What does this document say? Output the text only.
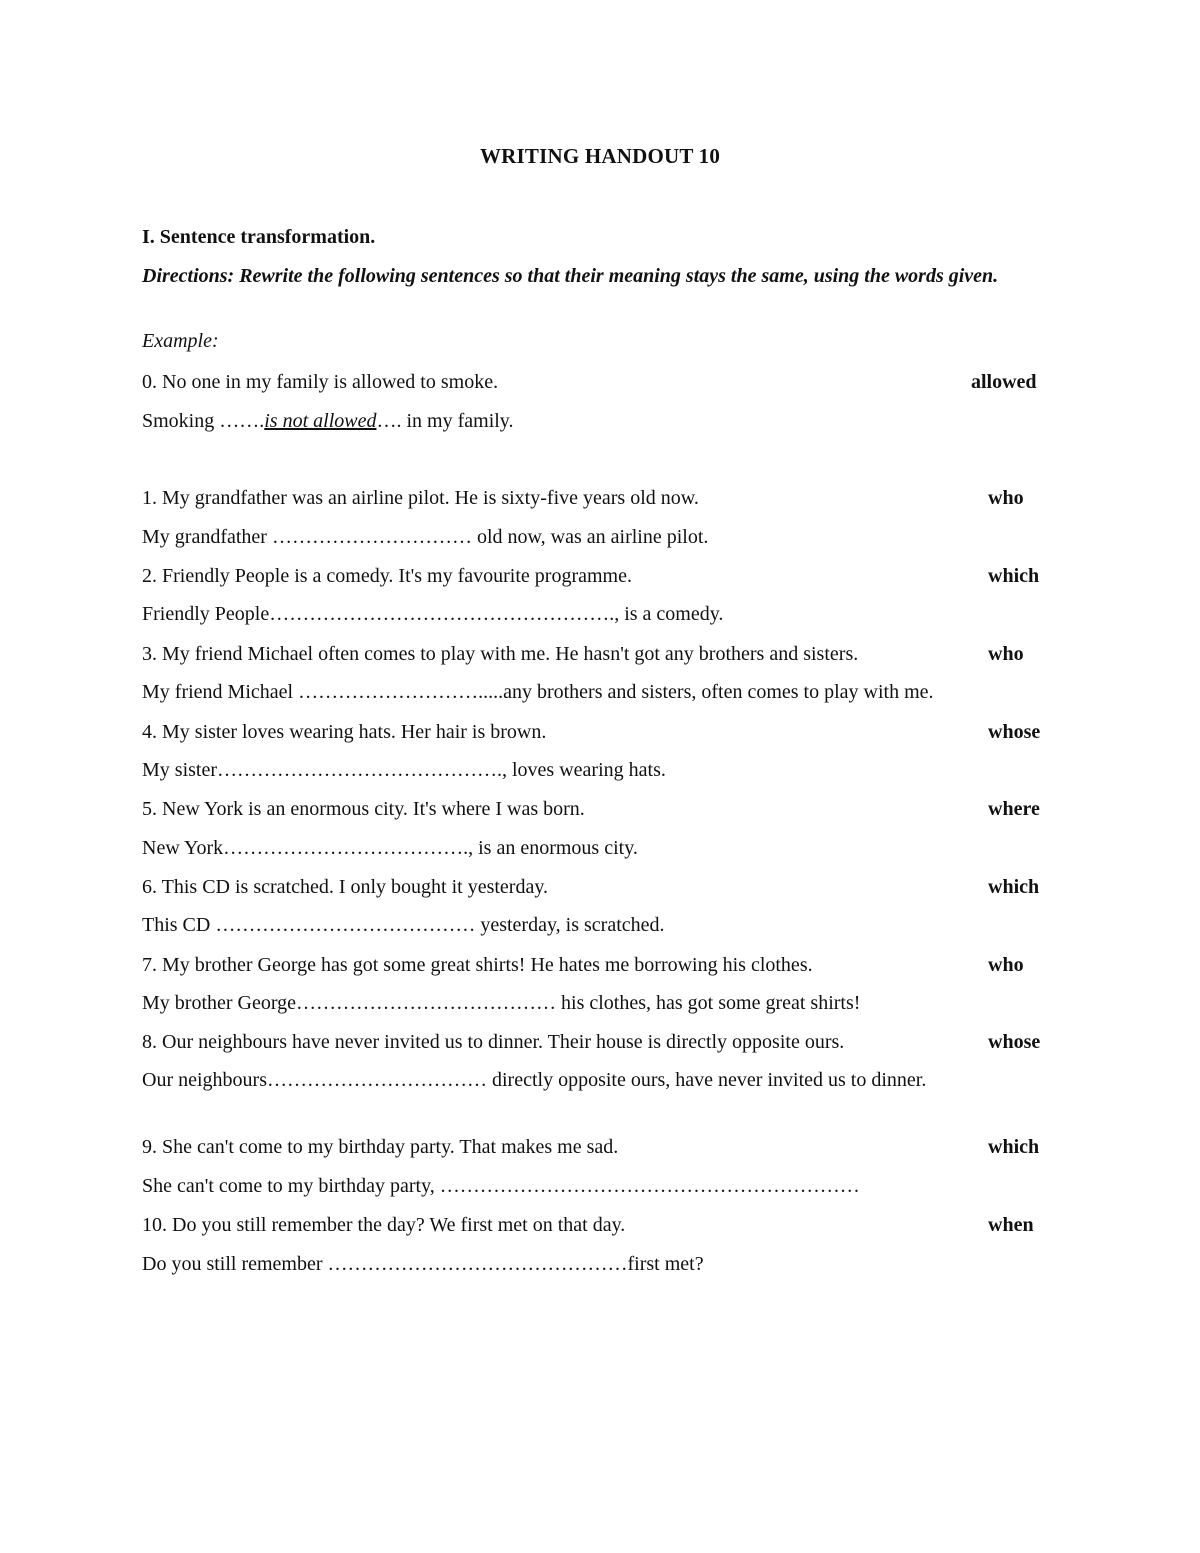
WRITING HANDOUT 10
I. Sentence transformation.
Directions: Rewrite the following sentences so that their meaning stays the same, using the words given.
Example:
0. No one in my family is allowed to smoke.	allowed
Smoking …….is not allowed…. in my family.
1. My grandfather was an airline pilot. He is sixty-five years old now.	who
My grandfather ………………………… old now, was an airline pilot.
2. Friendly People is a comedy. It's my favourite programme.	which
Friendly People……………………………………………., is a comedy.
3. My friend Michael often comes to play with me. He hasn't got any brothers and sisters.	who
My friend Michael ……………………….....any brothers and sisters, often comes to play with me.
4. My sister loves wearing hats. Her hair is brown.	whose
My sister……………………………………., loves wearing hats.
5. New York is an enormous city. It's where I was born.	where
New York………………………………., is an enormous city.
6. This CD is scratched. I only bought it yesterday.	which
This CD ………………………………… yesterday, is scratched.
7. My brother George has got some great shirts! He hates me borrowing his clothes.	who
My brother George………………………………… his clothes, has got some great shirts!
8. Our neighbours have never invited us to dinner. Their house is directly opposite ours.	whose
Our neighbours…………………………… directly opposite ours, have never invited us to dinner.
9. She can't come to my birthday party. That makes me sad.	which
She can't come to my birthday party, ………………………………………………………
10. Do you still remember the day? We first met on that day.	when
Do you still remember ………………………………………first met?
